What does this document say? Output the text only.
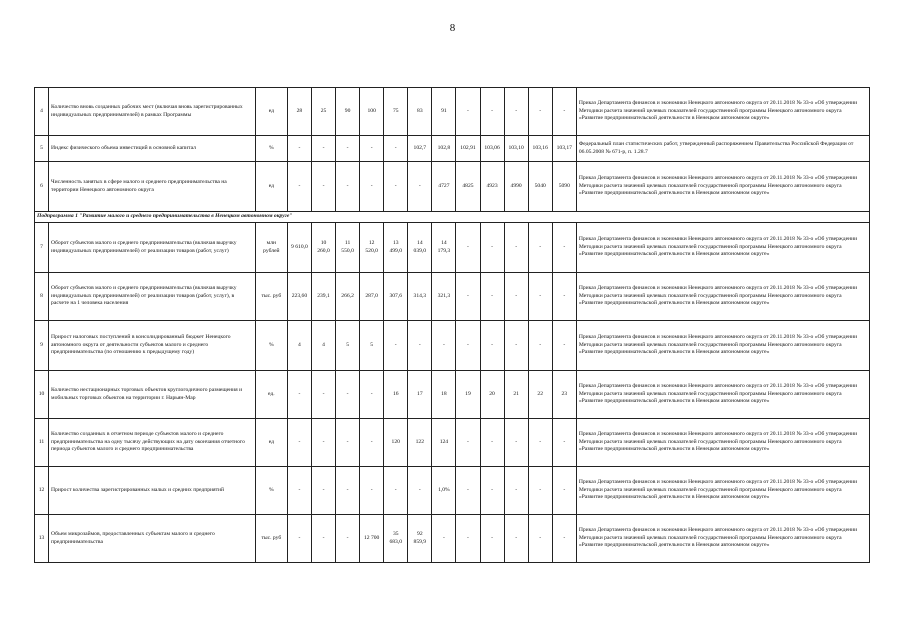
8
4	Количество вновь созданных рабочих мест (включая вновь зарегистрированных индивидуальных предпринимателей) в рамках Программы	ед	28	25	90	100	75	83	91	-	-	-	-	-	Приказ Департамента финансов и экономики Ненецкого автономного округа от 20.11.2018 № 33-о «Об утверждении Методики расчета значений целевых показателей государственной программы Ненецкого автономного округа «Развитие предпринимательской деятельности в Ненецком автономном округе»
5	Индекс физического объема инвестиций в основной капитал	%	-	-	-	-	-	102,7	102,8	102,91	103,06	103,10	103,16	103,17	Федеральный план статистических работ, утвержденный распоряжением Правительства Российской Федерации от 06.05.2008 № 671-р, п. 1.28.7
6	Численность занятых в сфере малого и среднего предпринимательства на территории Ненецкого автономного округа	ед	-	-	-	-	-	-	4727	4825	4923	4990	5040	5090	Приказ Департамента финансов и экономики Ненецкого автономного округа от 20.11.2018 № 33-о «Об утверждении Методики расчета значений целевых показателей государственной программы Ненецкого автономного округа «Развитие предпринимательской деятельности в Ненецком автономном округе»
Подпрограмма 1 "Развитие малого и среднего предпринимательства в Ненецком автономном округе"															
7	Оборот субъектов малого и среднего предпринимательства (включая выручку индивидуальных предпринимателей) от реализации товаров (работ, услуг)	млн рублей	9 610,0	10 260,0	11 550,0	12 520,0	13 499,0	14 039,0	14 179,3	-	-	-	-	-	Приказ Департамента финансов и экономики Ненецкого автономного округа от 20.11.2018 № 33-о «Об утверждении Методики расчета значений целевых показателей государственной программы Ненецкого автономного округа «Развитие предпринимательской деятельности в Ненецком автономном округе»
8	Оборот субъектов малого и среднего предпринимательства (включая выручку индивидуальных предпринимателей) от реализации товаров (работ, услуг), в расчете на 1 человека населения	тыс. руб	223,60	239,1	266,2	287,0	307,6	314,3	321,3	-	-	-	-	-	Приказ Департамента финансов и экономики Ненецкого автономного округа от 20.11.2018 № 33-о «Об утверждении Методики расчета значений целевых показателей государственной программы Ненецкого автономного округа «Развитие предпринимательской деятельности в Ненецком автономном округе»
9	Прирост налоговых поступлений в консолидированный бюджет Ненецкого автономного округа от деятельности субъектов малого и среднего предпринимательства (по отношению к предыдущему году)	%	4	4	5	5	-	-	-	-	-	-	-	-	Приказ Департамента финансов и экономики Ненецкого автономного округа от 20.11.2018 № 33-о «Об утверждении Методики расчета значений целевых показателей государственной программы Ненецкого автономного округа «Развитие предпринимательской деятельности в Ненецком автономном округе»
10	Количество нестационарных торговых объектов круглогодичного размещения и мобильных торговых объектов на территории г. Нарьян-Мар	ед.	-	-	-	-	16	17	18	19	20	21	22	23	Приказ Департамента финансов и экономики Ненецкого автономного округа от 20.11.2018 № 33-о «Об утверждении Методики расчета значений целевых показателей государственной программы Ненецкого автономного округа «Развитие предпринимательской деятельности в Ненецком автономном округе»
11	Количество созданных в отчетном периоде субъектов малого и среднего предпринимательства на одну тысячу действующих на дату окончания отчетного периода субъектов малого и среднего предпринимательства	ед	-	-	-	-	120	122	124	-	-	-	-	-	Приказ Департамента финансов и экономики Ненецкого автономного округа от 20.11.2018 № 33-о «Об утверждении Методики расчета значений целевых показателей государственной программы Ненецкого автономного округа «Развитие предпринимательской деятельности в Ненецком автономном округе»
12	Прирост количества зарегистрированных малых и средних предприятий	%	-	-	-	-	-	-	1,0%	-	-	-	-	-	Приказ Департамента финансов и экономики Ненецкого автономного округа от 20.11.2018 № 33-о «Об утверждении Методики расчета значений целевых показателей государственной программы Ненецкого автономного округа «Развитие предпринимательской деятельности в Ненецком автономном округе»
13	Объем микрозаймов, предоставленных субъектам малого и среднего предпринимательства	тыс. руб	-	-	-	12 700	35 683,0	92 859,9	-	-	-	-	-	-	Приказ Департамента финансов и экономики Ненецкого автономного округа от 20.11.2018 № 33-о «Об утверждении Методики расчета значений целевых показателей государственной программы Ненецкого автономного округа «Развитие предпринимательской деятельности в Ненецком автономном округе»
